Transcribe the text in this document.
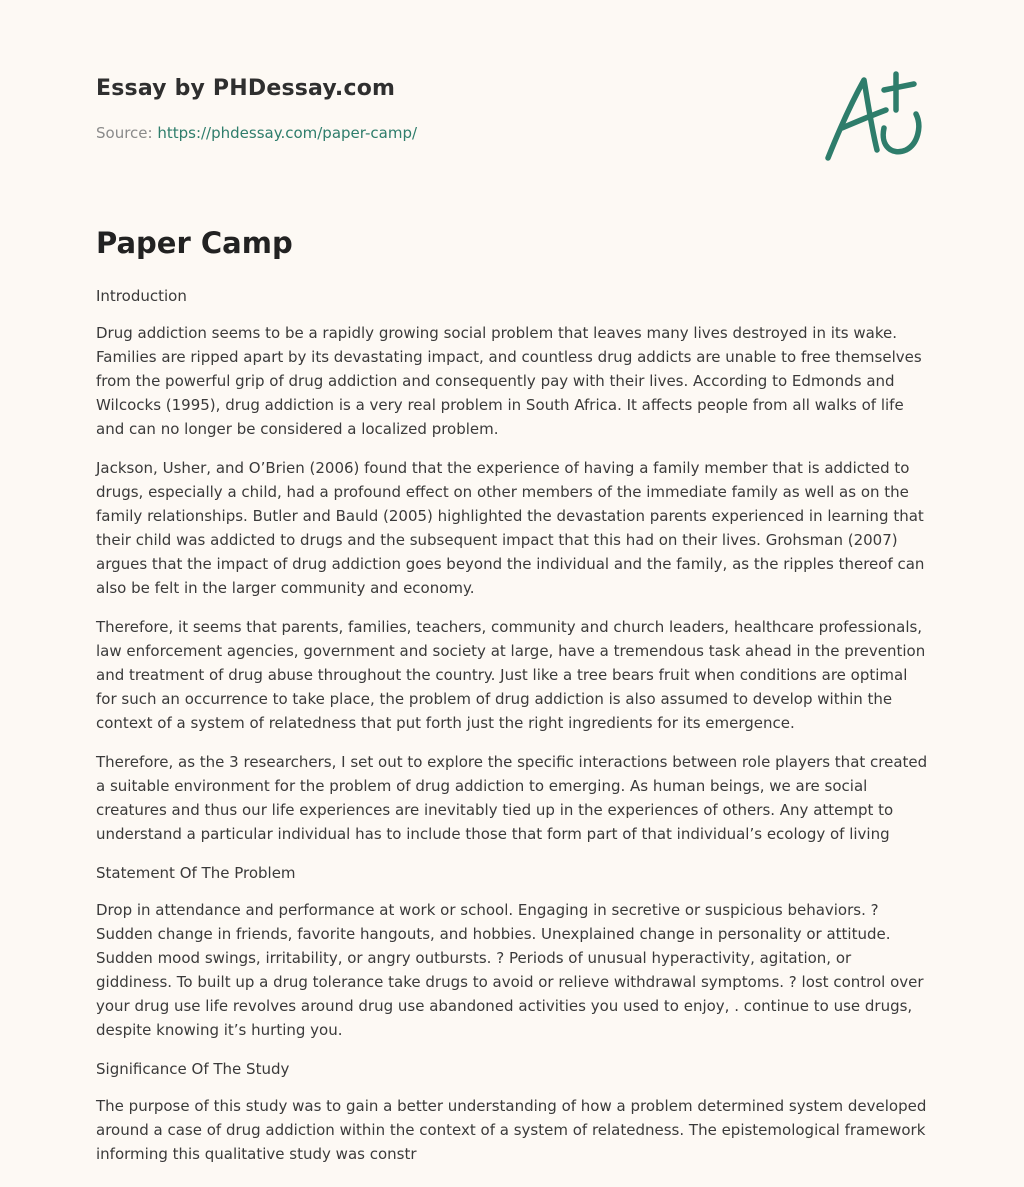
Essay by PHDessay.com
Source: https://phdessay.com/paper-camp/
Paper Camp
Introduction

Drug addiction seems to be a rapidly growing social problem that leaves many lives destroyed in its wake. Families are ripped apart by its devastating impact, and countless drug addicts are unable to free themselves from the powerful grip of drug addiction and consequently pay with their lives. According to Edmonds and Wilcocks (1995), drug addiction is a very real problem in South Africa. It affects people from all walks of life and can no longer be considered a localized problem.

Jackson, Usher, and O’Brien (2006) found that the experience of having a family member that is addicted to drugs, especially a child, had a profound effect on other members of the immediate family as well as on the family relationships. Butler and Bauld (2005) highlighted the devastation parents experienced in learning that their child was addicted to drugs and the subsequent impact that this had on their lives. Grohsman (2007) argues that the impact of drug addiction goes beyond the individual and the family, as the ripples thereof can also be felt in the larger community and economy.

Therefore, it seems that parents, families, teachers, community and church leaders, healthcare professionals, law enforcement agencies, government and society at large, have a tremendous task ahead in the prevention and treatment of drug abuse throughout the country. Just like a tree bears fruit when conditions are optimal for such an occurrence to take place, the problem of drug addiction is also assumed to develop within the context of a system of relatedness that put forth just the right ingredients for its emergence.

Therefore, as the 3 researchers, I set out to explore the specific interactions between role players that created a suitable environment for the problem of drug addiction to emerging. As human beings, we are social creatures and thus our life experiences are inevitably tied up in the experiences of others. Any attempt to understand a particular individual has to include those that form part of that individual’s ecology of living

Statement Of The Problem

Drop in attendance and performance at work or school. Engaging in secretive or suspicious behaviors. ? Sudden change in friends, favorite hangouts, and hobbies. Unexplained change in personality or attitude. Sudden mood swings, irritability, or angry outbursts. ? Periods of unusual hyperactivity, agitation, or giddiness. To built up a drug tolerance take drugs to avoid or relieve withdrawal symptoms. ? lost control over your drug use life revolves around drug use abandoned activities you used to enjoy, . continue to use drugs, despite knowing it’s hurting you.

Significance Of The Study

The purpose of this study was to gain a better understanding of how a problem determined system developed around a case of drug addiction within the context of a system of relatedness. The epistemological framework informing this qualitative study was constr
